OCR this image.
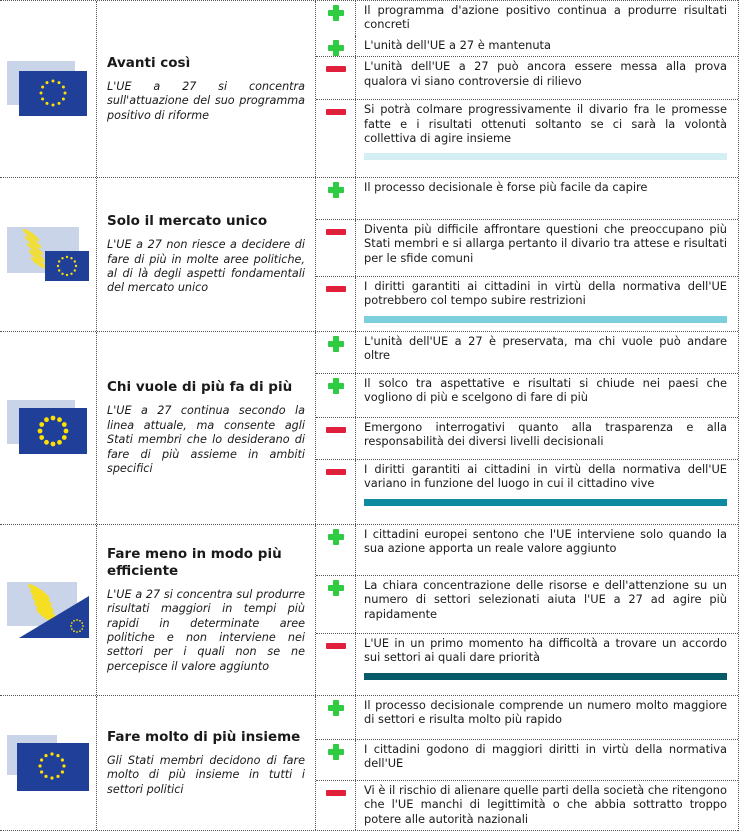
Avanti così
L'UE a 27 si concentra sull'attuazione del suo programma positivo di riforme
Il programma d'azione positivo continua a produrre risultati concreti
L'unità dell'UE a 27 è mantenuta
L'unità dell'UE a 27 può ancora essere messa alla prova qualora vi siano controversie di rilievo
Si potrà colmare progressivamente il divario fra le promesse fatte e i risultati ottenuti soltanto se ci sarà la volontà collettiva di agire insieme
Solo il mercato unico
L'UE a 27 non riesce a decidere di fare di più in molte aree politiche, al di là degli aspetti fondamentali del mercato unico
Il processo decisionale è forse più facile da capire
Diventa più difficile affrontare questioni che preoccupano più Stati membri e si allarga pertanto il divario tra attese e risultati per le sfide comuni
I diritti garantiti ai cittadini in virtù della normativa dell'UE potrebbero col tempo subire restrizioni
Chi vuole di più fa di più
L'UE a 27 continua secondo la linea attuale, ma consente agli Stati membri che lo desiderano di fare di più assieme in ambiti specifici
L'unità dell'UE a 27 è preservata, ma chi vuole può andare oltre
Il solco tra aspettative e risultati si chiude nei paesi che vogliono di più e scelgono di fare di più
Emergono interrogativi quanto alla trasparenza e alla responsabilità dei diversi livelli decisionali
I diritti garantiti ai cittadini in virtù della normativa dell'UE variano in funzione del luogo in cui il cittadino vive
Fare meno in modo più efficiente
L'UE a 27 si concentra sul produrre risultati maggiori in tempi più rapidi in determinate aree politiche e non interviene nei settori per i quali non se ne percepisce il valore aggiunto
I cittadini europei sentono che l'UE interviene solo quando la sua azione apporta un reale valore aggiunto
La chiara concentrazione delle risorse e dell'attenzione su un numero di settori selezionati aiuta l'UE a 27 ad agire più rapidamente
L'UE in un primo momento ha difficoltà a trovare un accordo sui settori ai quali dare priorità
Fare molto di più insieme
Gli Stati membri decidono di fare molto di più insieme in tutti i settori politici
Il processo decisionale comprende un numero molto maggiore di settori e risulta molto più rapido
I cittadini godono di maggiori diritti in virtù della normativa dell'UE
Vi è il rischio di alienare quelle parti della società che ritengono che l'UE manchi di legittimità o che abbia sottratto troppo potere alle autorità nazionali
